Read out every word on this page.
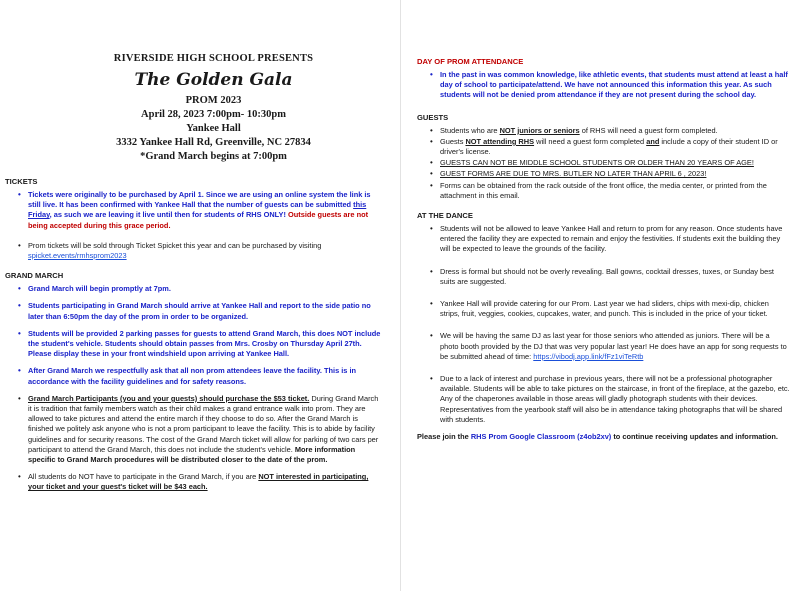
RIVERSIDE HIGH SCHOOL PRESENTS
The Golden Gala
PROM 2023
April 28, 2023 7:00pm- 10:30pm
Yankee Hall
3332 Yankee Hall Rd, Greenville, NC 27834
*Grand March begins at 7:00pm
TICKETS
• Tickets were originally to be purchased by April 1. Since we are using an online system the link is still live. It has been confirmed with Yankee Hall that the number of guests can be submitted this Friday, as such we are leaving it live until then for students of RHS ONLY! Outside guests are not being accepted during this grace period.
• Prom tickets will be sold through Ticket Spicket this year and can be purchased by visiting spicket.events/rmhsprom2023
GRAND MARCH
• Grand March will begin promptly at 7pm.
• Students participating in Grand March should arrive at Yankee Hall and report to the side patio no later than 6:50pm the day of the prom in order to be organized.
• Students will be provided 2 parking passes for guests to attend Grand March, this does NOT include the student's vehicle. Students should obtain passes from Mrs. Crosby on Thursday April 27th. Please display these in your front windshield upon arriving at Yankee Hall.
• After Grand March we respectfully ask that all non prom attendees leave the facility. This is in accordance with the facility guidelines and for safety reasons.
• Grand March Participants (you and your guests) should purchase the $53 ticket. During Grand March it is tradition that family members watch as their child makes a grand entrance walk into prom. They are allowed to take pictures and attend the entire march if they choose to do so. After the Grand March is finished we politely ask anyone who is not a prom participant to leave the facility. This is to abide by facility guidelines and for security reasons. The cost of the Grand March ticket will allow for parking of two cars per participant to attend the Grand March, this does not include the student's vehicle. More information specific to Grand March procedures will be distributed closer to the date of the prom.
• All students do NOT have to participate in the Grand March, if you are NOT interested in participating, your ticket and your guest's ticket will be $43 each.
DAY OF PROM ATTENDANCE
• In the past in was common knowledge, like athletic events, that students must attend at least a half day of school to participate/attend. We have not announced this information this year. As such students will not be denied prom attendance if they are not present during the school day.
GUESTS
• Students who are NOT juniors or seniors of RHS will need a guest form completed.
• Guests NOT attending RHS will need a guest form completed and include a copy of their student ID or driver's license.
• GUESTS CAN NOT BE MIDDLE SCHOOL STUDENTS OR OLDER THAN 20 YEARS OF AGE!
• GUEST FORMS ARE DUE TO MRS. BUTLER NO LATER THAN APRIL 6 , 2023!
• Forms can be obtained from the rack outside of the front office, the media center, or printed from the attachment in this email.
AT THE DANCE
• Students will not be allowed to leave Yankee Hall and return to prom for any reason. Once students have entered the facility they are expected to remain and enjoy the festivities. If students exit the building they will be expected to leave the grounds of the facility.
• Dress is formal but should not be overly revealing. Ball gowns, cocktail dresses, tuxes, or Sunday best suits are suggested.
• Yankee Hall will provide catering for our Prom. Last year we had sliders, chips with mexi-dip, chicken strips, fruit, veggies, cookies, cupcakes, water, and punch. This is included in the price of your ticket.
• We will be having the same DJ as last year for those seniors who attended as juniors. There will be a photo booth provided by the DJ that was very popular last year! He does have an app for song requests to be submitted ahead of time: https://vibodj.app.link/fFz1viTeRtb
• Due to a lack of interest and purchase in previous years, there will not be a professional photographer available. Students will be able to take pictures on the staircase, in front of the fireplace, at the gazebo, etc. Any of the chaperones available in those areas will gladly photograph students with their devices. Representatives from the yearbook staff will also be in attendance taking photographs that will be shared with students.
Please join the RHS Prom Google Classroom (z4ob2xv) to continue receiving updates and information.
